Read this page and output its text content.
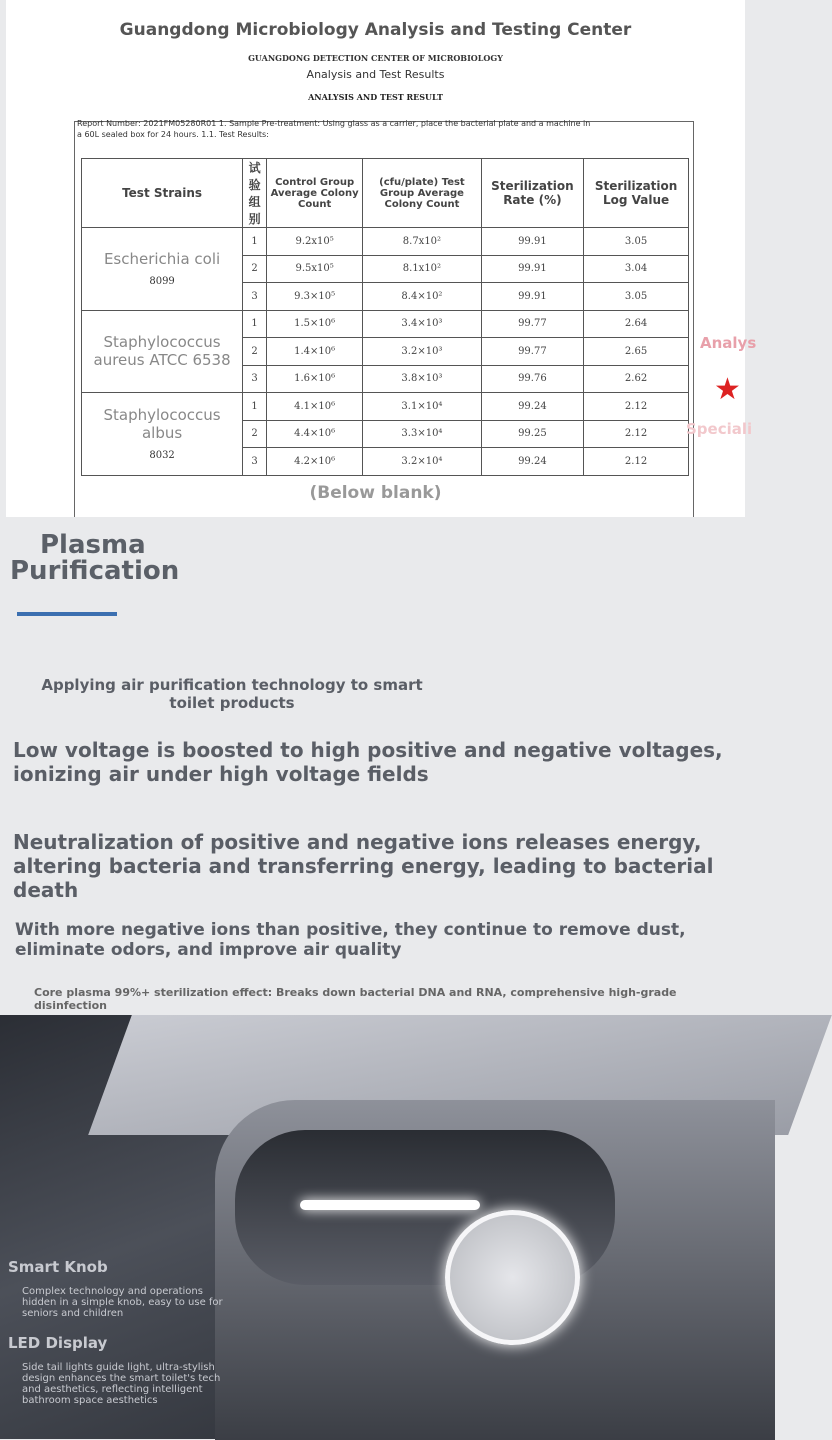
Guangdong Microbiology Analysis and Testing Center
GUANGDONG DETECTION CENTER OF MICROBIOLOGY
Analysis and Test Results
ANALYSIS AND TEST RESULT
Report Number: 2021FM05280R01 1. Sample Pre-treatment: Using glass as a carrier, place the bacterial plate and a machine in a 60L sealed box for 24 hours. 1.1. Test Results:
Test Strains	试验组别	Control Group Average Colony Count	(cfu/plate) Test Group Average Colony Count	Sterilization Rate (%)	Sterilization Log Value

Escherichia coli
8099	1	9.2x10⁵	8.7x10²	99.91	3.05
	2	9.5x10⁵	8.1x10²	99.91	3.04
	3	9.3×10⁵	8.4×10²	99.91	3.05

Staphylococcus aureus ATCC 6538	1	1.5×10⁶	3.4×10³	99.77	2.64
	2	1.4×10⁶	3.2×10³	99.77	2.65
	3	1.6×10⁶	3.8×10³	99.76	2.62

Staphylococcus albus
8032	1	4.1×10⁶	3.1×10⁴	99.24	2.12
	2	4.4×10⁶	3.3×10⁴	99.25	2.12
	3	4.2×10⁶	3.2×10⁴	99.24	2.12
(Below blank)
Analys
★
Speciali
Plasma
Purification
Applying air purification technology to smart toilet products
Low voltage is boosted to high positive and negative voltages, ionizing air under high voltage fields
Neutralization of positive and negative ions releases energy, altering bacteria and transferring energy, leading to bacterial death
With more negative ions than positive, they continue to remove dust, eliminate odors, and improve air quality
Core plasma 99%+ sterilization effect: Breaks down bacterial DNA and RNA, comprehensive high-grade disinfection
Smart Knob
Complex technology and operations hidden in a simple knob, easy to use for seniors and children
LED Display
Side tail lights guide light, ultra-stylish design enhances the smart toilet's tech and aesthetics, reflecting intelligent bathroom space aesthetics
